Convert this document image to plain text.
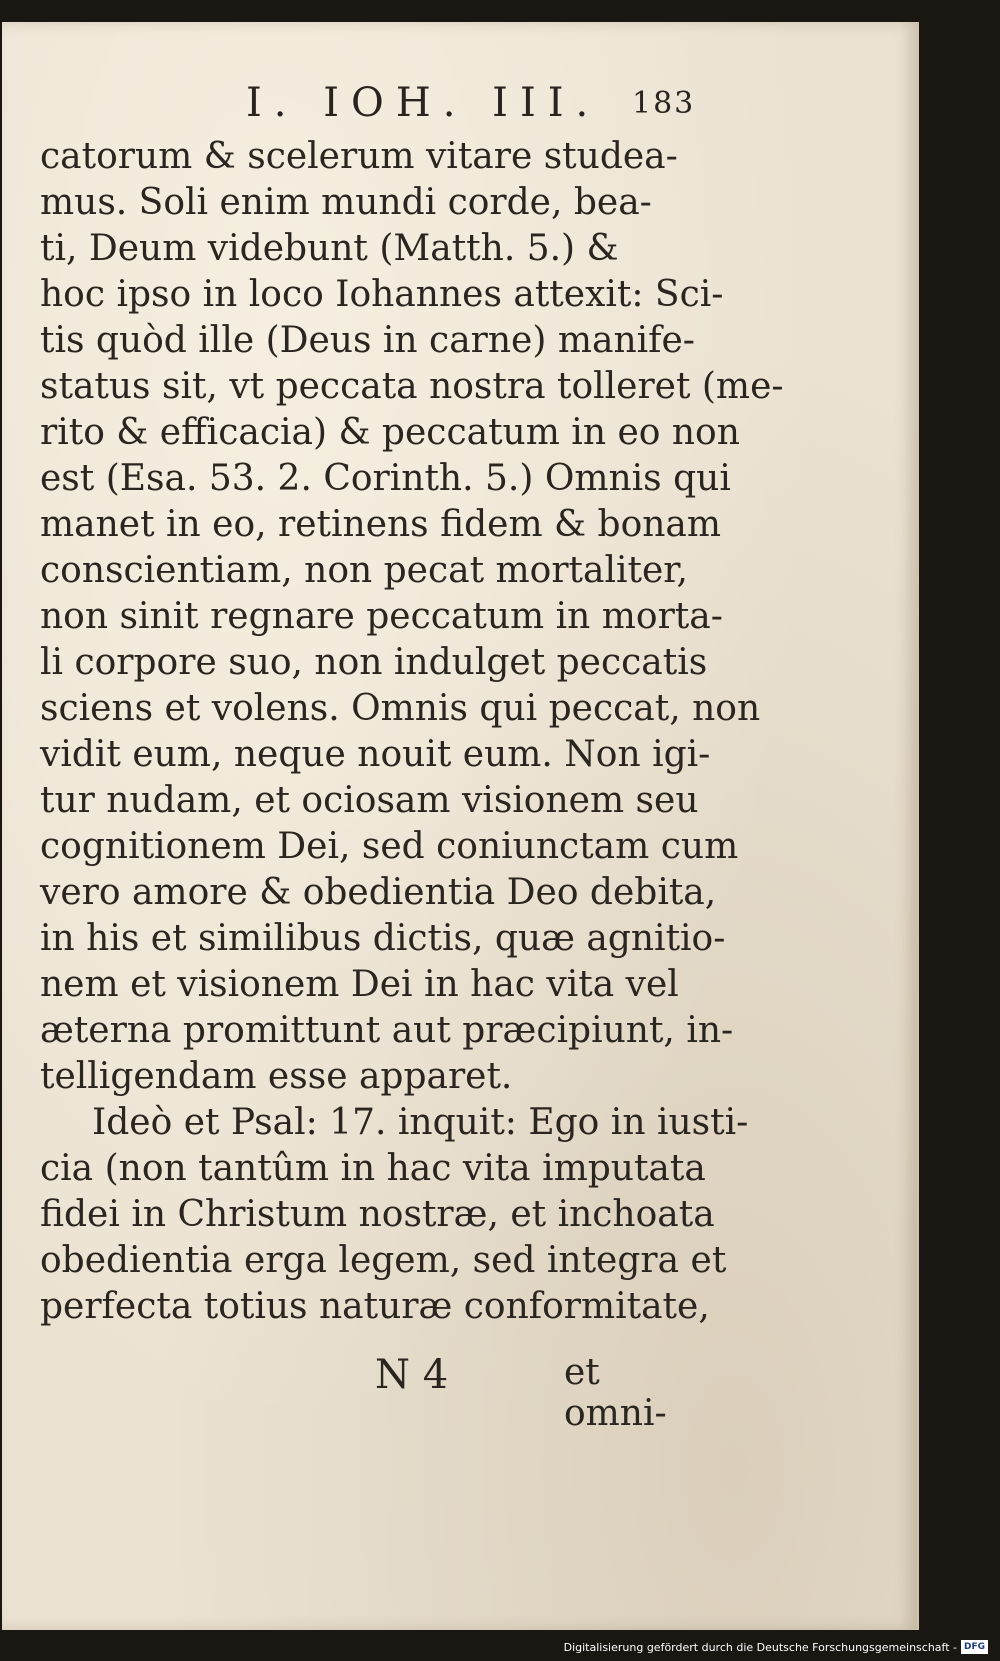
I. IOH. III. 183
catorum & scelerum vitare studea-
mus. Soli enim mundi corde, bea-
ti, Deum videbunt (Matth. 5.) &
hoc ipso in loco Iohannes attexit: Sci-
tis quòd ille (Deus in carne) manife-
status sit, vt peccata nostra tolleret (me-
rito & efficacia) & peccatum in eo non
est (Esa. 53. 2. Corinth. 5.) Omnis qui
manet in eo, retinens fidem & bonam
conscientiam, non pecat mortaliter,
non sinit regnare peccatum in morta-
li corpore suo, non indulget peccatis
sciens et volens. Omnis qui peccat, non
vidit eum, neque nouit eum. Non igi-
tur nudam, et ociosam visionem seu
cognitionem Dei, sed coniunctam cum
vero amore & obedientia Deo debita,
in his et similibus dictis, quæ agnitio-
nem et visionem Dei in hac vita vel
æterna promittunt aut præcipiunt, in-
telligendam esse apparet.
Ideò et Psal: 17. inquit: Ego in iusti-
cia (non tantûm in hac vita imputata
fidei in Christum nostræ, et inchoata
obedientia erga legem, sed integra et
perfecta totius naturæ conformitate,
N 4	et omni-
Digitalisierung gefördert durch die Deutsche Forschungsgemeinschaft - DFG
